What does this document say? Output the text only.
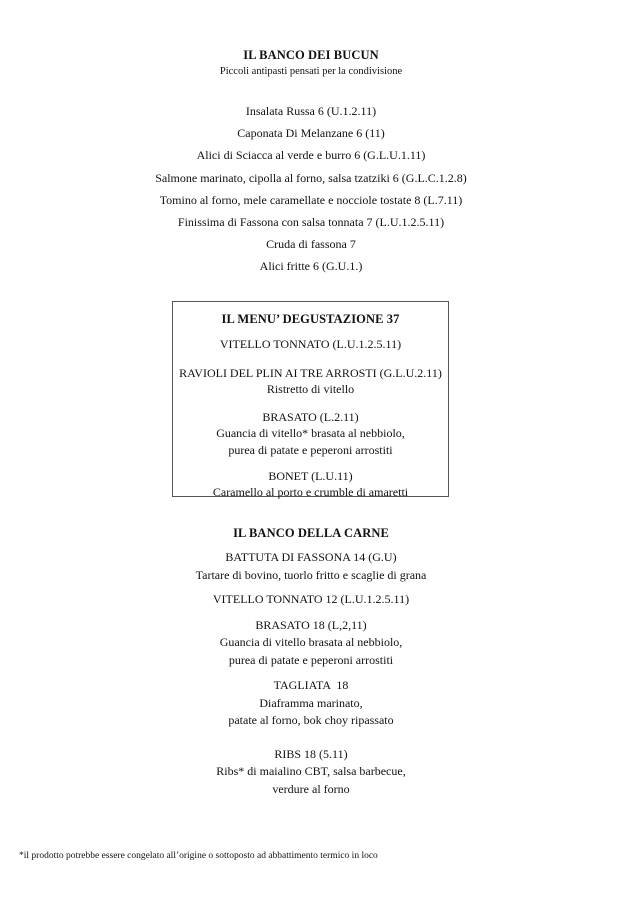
IL BANCO DEI BUCUN
Piccoli antipasti pensati per la condivisione
Insalata Russa 6 (U.1.2.11)
Caponata Di Melanzane 6 (11)
Alici di Sciacca al verde e burro 6 (G.L.U.1.11)
Salmone marinato, cipolla al forno, salsa tzatziki 6 (G.L.C.1.2.8)
Tomino al forno, mele caramellate e nocciole tostate 8 (L.7.11)
Finissima di Fassona con salsa tonnata 7 (L.U.1.2.5.11)
Cruda di fassona 7
Alici fritte 6 (G.U.1.)
IL MENU’ DEGUSTAZIONE 37
VITELLO TONNATO (L.U.1.2.5.11)
RAVIOLI DEL PLIN AI TRE ARROSTI (G.L.U.2.11)
Ristretto di vitello
BRASATO (L.2.11)
Guancia di vitello* brasata al nebbiolo,
purea di patate e peperoni arrostiti
BONET (L.U.11)
Caramello al porto e crumble di amaretti
IL BANCO DELLA CARNE
BATTUTA DI FASSONA 14 (G.U)
Tartare di bovino, tuorlo fritto e scaglie di grana
VITELLO TONNATO 12 (L.U.1.2.5.11)
BRASATO 18 (L,2,11)
Guancia di vitello brasata al nebbiolo,
purea di patate e peperoni arrostiti
TAGLIATA  18
Diaframma marinato,
patate al forno, bok choy ripassato
RIBS 18 (5.11)
Ribs* di maialino CBT, salsa barbecue,
verdure al forno
*il prodotto potrebbe essere congelato all’origine o sottoposto ad abbattimento termico in loco
